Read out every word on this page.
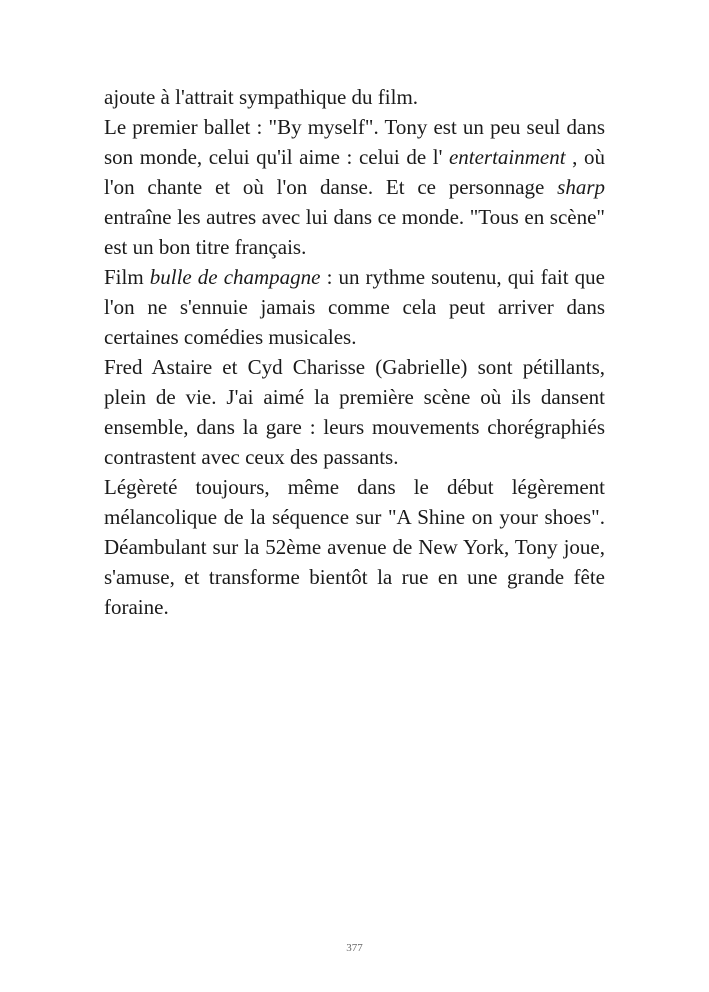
ajoute à l'attrait sympathique du film.

Le premier ballet : "By myself". Tony est un peu seul dans son monde, celui qu'il aime : celui de l' entertainment , où l'on chante et où l'on danse. Et ce personnage sharp entraîne les autres avec lui dans ce monde. "Tous en scène" est un bon titre français.

Film bulle de champagne : un rythme soutenu, qui fait que l'on ne s'ennuie jamais comme cela peut arriver dans certaines comédies musicales.

Fred Astaire et Cyd Charisse (Gabrielle) sont pétillants, plein de vie. J'ai aimé la première scène où ils dansent ensemble, dans la gare : leurs mouvements chorégraphiés contrastent avec ceux des passants.

Légèreté toujours, même dans le début légèrement mélancolique de la séquence sur "A Shine on your shoes". Déambulant sur la 52ème avenue de New York, Tony joue, s'amuse, et transforme bientôt la rue en une grande fête foraine.

377
